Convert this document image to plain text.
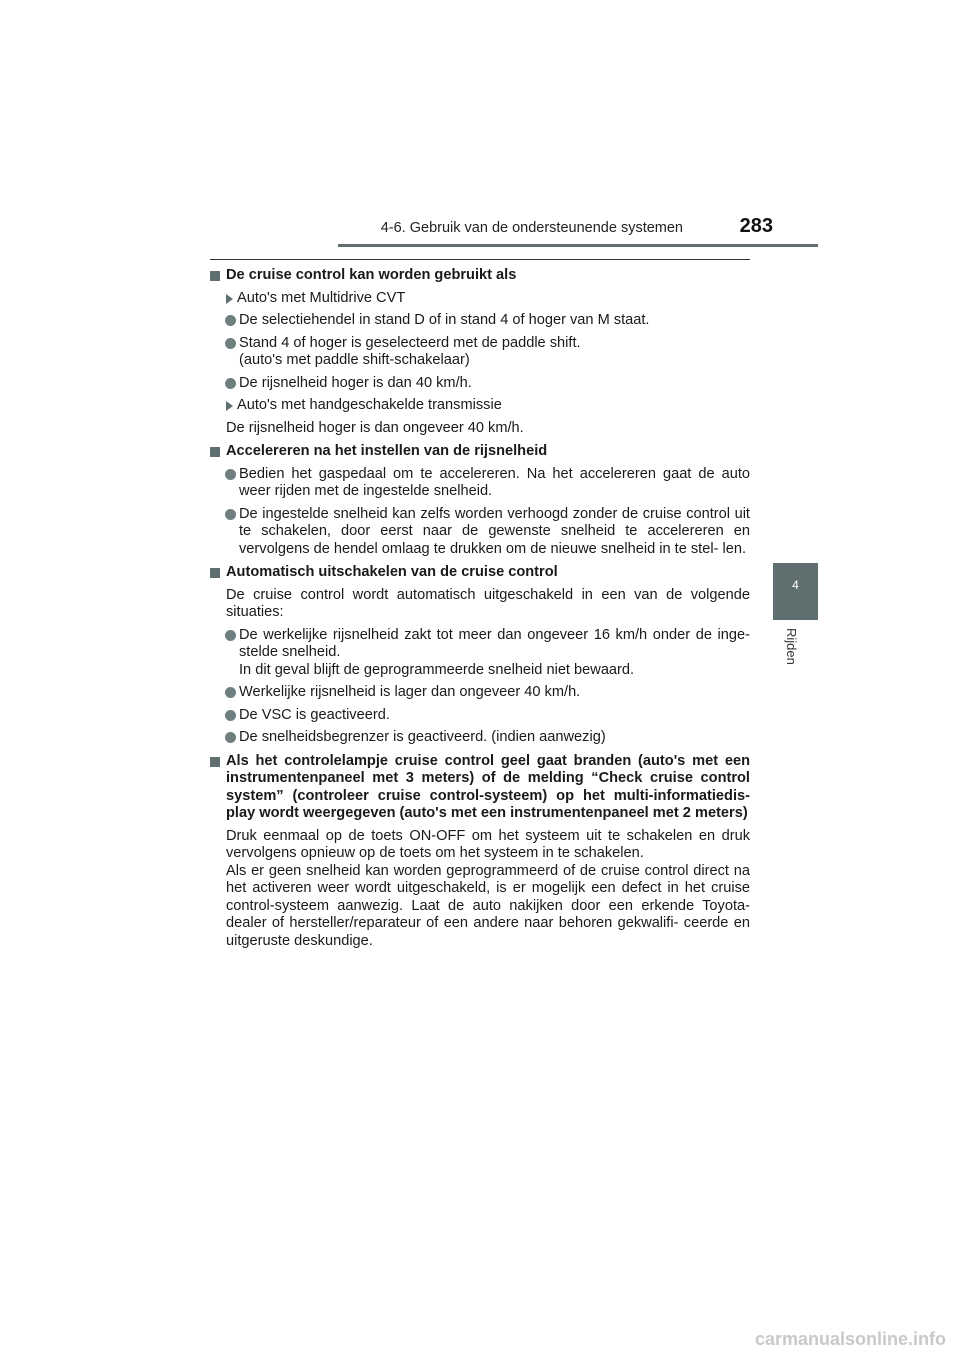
4-6. Gebruik van de ondersteunende systemen	283
4
Rijden
De cruise control kan worden gebruikt als
Auto's met Multidrive CVT
De selectiehendel in stand D of in stand 4 of hoger van M staat.
Stand 4 of hoger is geselecteerd met de paddle shift.
(auto's met paddle shift-schakelaar)
De rijsnelheid hoger is dan 40 km/h.
Auto's met handgeschakelde transmissie
De rijsnelheid hoger is dan ongeveer 40 km/h.
Accelereren na het instellen van de rijsnelheid
Bedien het gaspedaal om te accelereren. Na het accelereren gaat de auto weer rijden met de ingestelde snelheid.
De ingestelde snelheid kan zelfs worden verhoogd zonder de cruise control uit te schakelen, door eerst naar de gewenste snelheid te accelereren en vervolgens de hendel omlaag te drukken om de nieuwe snelheid in te stel- len.
Automatisch uitschakelen van de cruise control
De cruise control wordt automatisch uitgeschakeld in een van de volgende situaties:
De werkelijke rijsnelheid zakt tot meer dan ongeveer 16 km/h onder de inge- stelde snelheid.
In dit geval blijft de geprogrammeerde snelheid niet bewaard.
Werkelijke rijsnelheid is lager dan ongeveer 40 km/h.
De VSC is geactiveerd.
De snelheidsbegrenzer is geactiveerd. (indien aanwezig)
Als het controlelampje cruise control geel gaat branden (auto's met een instrumentenpaneel met 3 meters) of de melding “Check cruise control system” (controleer cruise control-systeem) op het multi-informatiedis- play wordt weergegeven (auto's met een instrumentenpaneel met 2 meters)
Druk eenmaal op de toets ON-OFF om het systeem uit te schakelen en druk vervolgens opnieuw op de toets om het systeem in te schakelen.
Als er geen snelheid kan worden geprogrammeerd of de cruise control direct na het activeren weer wordt uitgeschakeld, is er mogelijk een defect in het cruise control-systeem aanwezig. Laat de auto nakijken door een erkende Toyota-dealer of hersteller/reparateur of een andere naar behoren gekwalifi- ceerde en uitgeruste deskundige.
carmanualsonline.info
